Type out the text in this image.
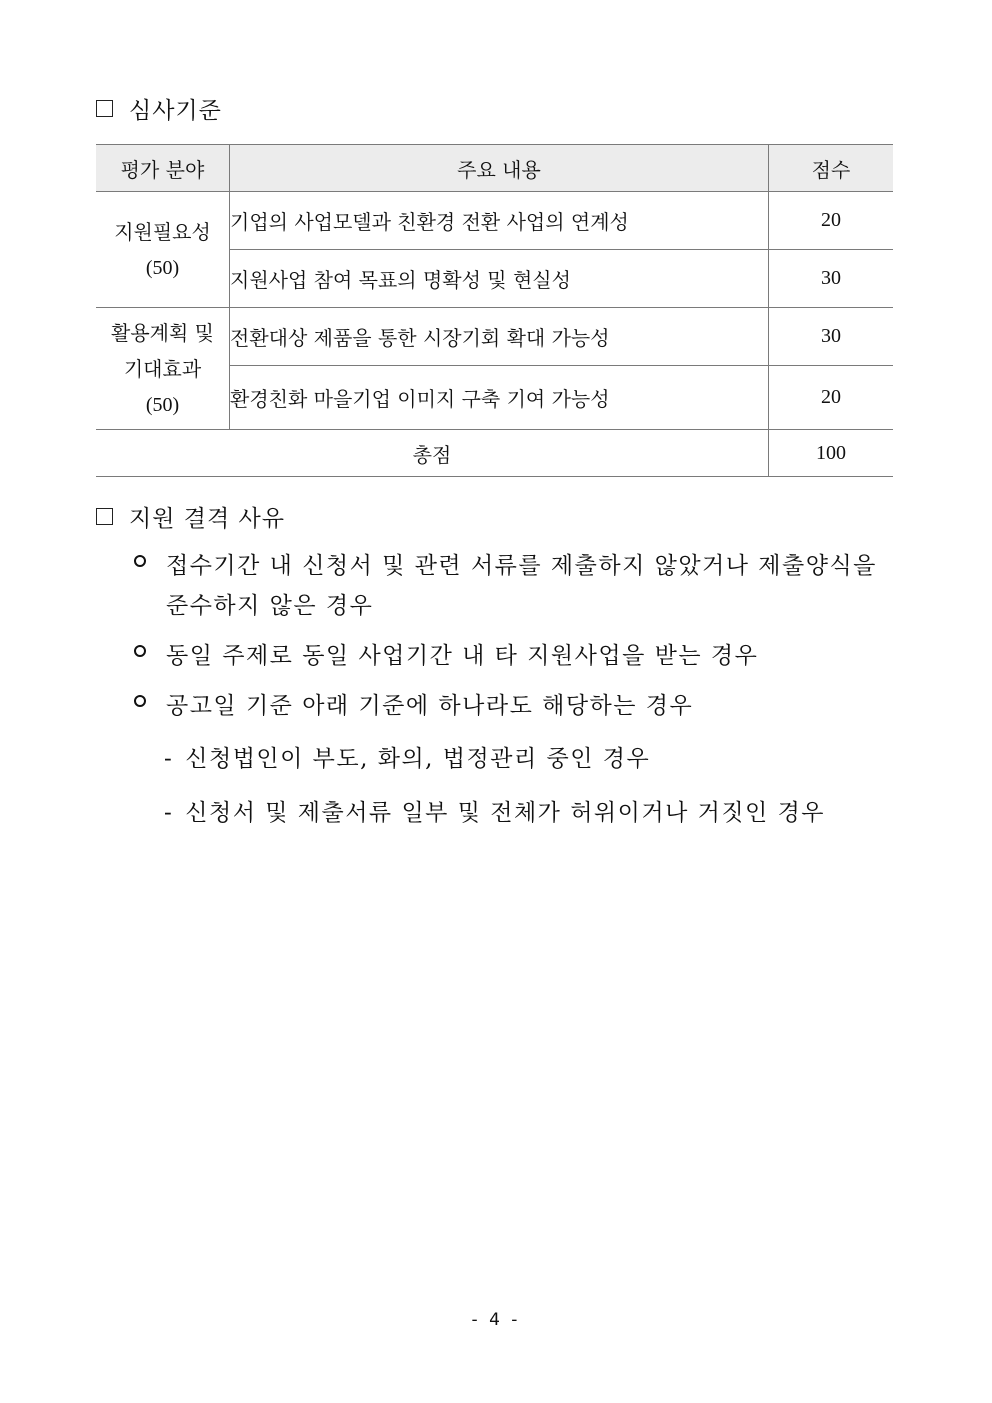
심사기준
평가 분야	주요 내용	점수

지원필요성
(50)	기업의 사업모델과 친환경 전환 사업의 연계성	20
	지원사업 참여 목표의 명확성 및 현실성	30

활용계획 및
기대효과
(50)	전환대상 제품을 통한 시장기회 확대 가능성	30
	환경친화 마을기업 이미지 구축 기여 가능성	20
총점		100
지원 결격 사유
접수기간 내 신청서 및 관련 서류를 제출하지 않았거나 제출양식을 준수하지 않은 경우
동일 주제로 동일 사업기간 내 타 지원사업을 받는 경우
공고일 기준 아래 기준에 하나라도 해당하는 경우
- 신청법인이 부도, 화의, 법정관리 중인 경우
- 신청서 및 제출서류 일부 및 전체가 허위이거나 거짓인 경우
- 4 -
